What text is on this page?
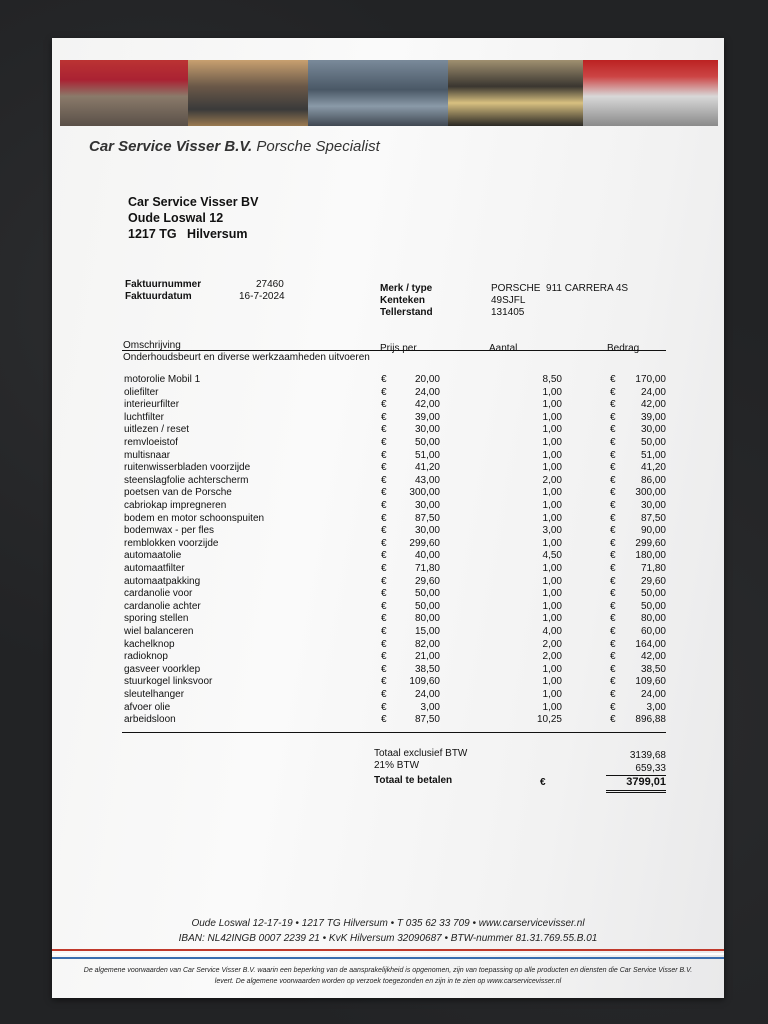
Car Service Visser B.V. Porsche Specialist
Car Service Visser BV
Oude Loswal 12
1217 TG   Hilversum
Faktuurnummer	27460
Faktuurdatum	16-7-2024
Merk / type	PORSCHE  911 CARRERA 4S
Kenteken	49SJFL
Tellerstand	131405
Omschrijving	Prijs per	Aantal	Bedrag
Onderhoudsbeurt en diverse werkzaamheden uitvoeren
motorolie Mobil 1	€	20,00	8,50	€	170,00
oliefilter	€	24,00	1,00	€	24,00
interieurfilter	€	42,00	1,00	€	42,00
luchtfilter	€	39,00	1,00	€	39,00
uitlezen / reset	€	30,00	1,00	€	30,00
remvloeistof	€	50,00	1,00	€	50,00
multisnaar	€	51,00	1,00	€	51,00
ruitenwisserbladen voorzijde	€	41,20	1,00	€	41,20
steenslagfolie achterscherm	€	43,00	2,00	€	86,00
poetsen van de Porsche	€	300,00	1,00	€	300,00
cabriokap impregneren	€	30,00	1,00	€	30,00
bodem en motor schoonspuiten	€	87,50	1,00	€	87,50
bodemwax - per fles	€	30,00	3,00	€	90,00
remblokken voorzijde	€	299,60	1,00	€	299,60
automaatolie	€	40,00	4,50	€	180,00
automaatfilter	€	71,80	1,00	€	71,80
automaatpakking	€	29,60	1,00	€	29,60
cardanolie voor	€	50,00	1,00	€	50,00
cardanolie achter	€	50,00	1,00	€	50,00
sporing stellen	€	80,00	1,00	€	80,00
wiel balanceren	€	15,00	4,00	€	60,00
kachelknop	€	82,00	2,00	€	164,00
radioknop	€	21,00	2,00	€	42,00
gasveer voorklep	€	38,50	1,00	€	38,50
stuurkogel linksvoor	€	109,60	1,00	€	109,60
sleutelhanger	€	24,00	1,00	€	24,00
afvoer olie	€	3,00	1,00	€	3,00
arbeidsloon	€	87,50	10,25	€	896,88
Totaal exclusief BTW	3139,68
21% BTW	659,33
Totaal te betalen	€	3799,01
Oude Loswal 12-17-19 • 1217 TG Hilversum • T 035 62 33 709 • www.carservicevisser.nl
IBAN: NL42INGB 0007 2239 21 • KvK Hilversum 32090687 • BTW-nummer 81.31.769.55.B.01
De algemene voorwaarden van Car Service Visser B.V. waarin een beperking van de aansprakelijkheid is opgenomen, zijn van toepassing op alle producten en diensten die Car Service Visser B.V. levert. De algemene voorwaarden worden op verzoek toegezonden en zijn in te zien op www.carservicevisser.nl
